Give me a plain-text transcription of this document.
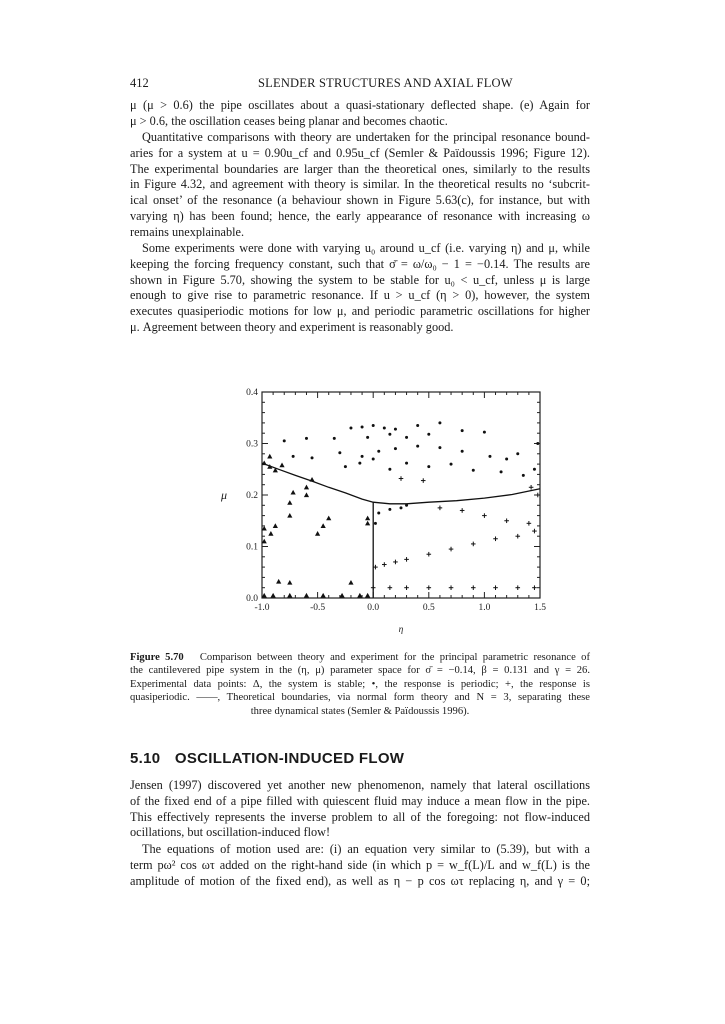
412	SLENDER STRUCTURES AND AXIAL FLOW
μ (μ > 0.6) the pipe oscillates about a quasi-stationary deflected shape. (e) Again for
μ > 0.6, the oscillation ceases being planar and becomes chaotic.
Quantitative comparisons with theory are undertaken for the principal resonance bound-
aries for a system at u = 0.90u_cf and 0.95u_cf (Semler & Païdoussis 1996; Figure 12).
The experimental boundaries are larger than the theoretical ones, similarly to the results
in Figure 4.32, and agreement with theory is similar. In the theoretical results no ‘subcrit-
ical onset’ of the resonance (a behaviour shown in Figure 5.63(c), for instance, but with
varying η) has been found; hence, the early appearance of resonance with increasing ω
remains unexplainable.
Some experiments were done with varying u₀ around u_cf (i.e. varying η) and μ, while
keeping the forcing frequency constant, such that σ̄ = ω/ω₀ − 1 = −0.14. The results are
shown in Figure 5.70, showing the system to be stable for u₀ < u_cf, unless μ is large
enough to give rise to parametric resonance. If u > u_cf (η > 0), however, the system
executes quasiperiodic motions for low μ, and periodic parametric oscillations for higher
μ. Agreement between theory and experiment is reasonably good.
-1.0	-0.5	0.0	0.5	1.0	1.5
0.0
0.1
0.2
0.3
0.4
η
μ
Figure 5.70 Comparison between theory and experiment for the principal parametric resonance of
the cantilevered pipe system in the (η, μ) parameter space for σ̄ = −0.14, β = 0.131 and γ = 26.
Experimental data points: Δ, the system is stable; •, the response is periodic; +, the response is
quasiperiodic. ——, Theoretical boundaries, via normal form theory and N = 3, separating these
three dynamical states (Semler & Païdoussis 1996).
5.10 OSCILLATION-INDUCED FLOW
Jensen (1997) discovered yet another new phenomenon, namely that lateral oscillations
of the fixed end of a pipe filled with quiescent fluid may induce a mean flow in the pipe.
This effectively represents the inverse problem to all of the foregoing: not flow-induced
ocillations, but oscillation-induced flow!
The equations of motion used are: (i) an equation very similar to (5.39), but with a
term pω² cos ωτ added on the right-hand side (in which p = w_f(L)/L and w_f(L) is the
amplitude of motion of the fixed end), as well as η − p cos ωτ replacing η, and γ = 0;
